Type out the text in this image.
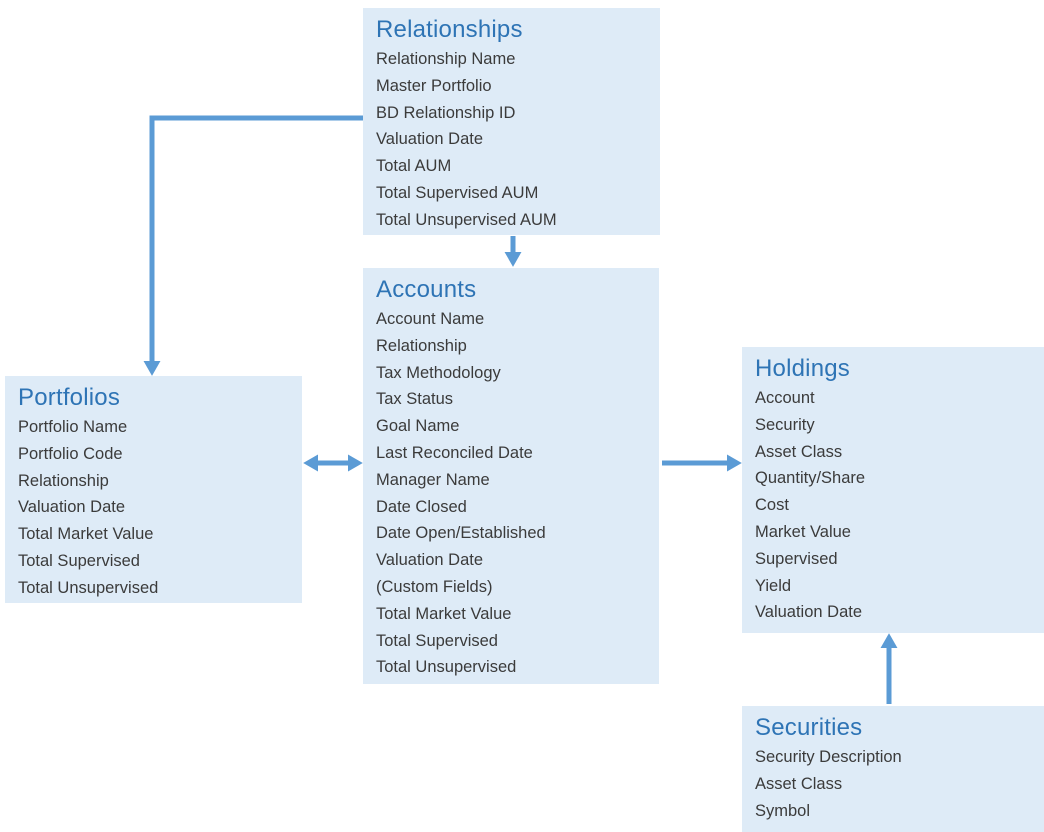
Relationships
Relationship Name
Master Portfolio
BD Relationship ID
Valuation Date
Total AUM
Total Supervised AUM
Total Unsupervised AUM
Accounts
Account Name
Relationship
Tax Methodology
Tax Status
Goal Name
Last Reconciled Date
Manager Name
Date Closed
Date Open/Established
Valuation Date
(Custom Fields)
Total Market Value
Total Supervised
Total Unsupervised
Portfolios
Portfolio Name
Portfolio Code
Relationship
Valuation Date
Total Market Value
Total Supervised
Total Unsupervised
Holdings
Account
Security
Asset Class
Quantity/Share
Cost
Market Value
Supervised
Yield
Valuation Date
Securities
Security Description
Asset Class
Symbol
